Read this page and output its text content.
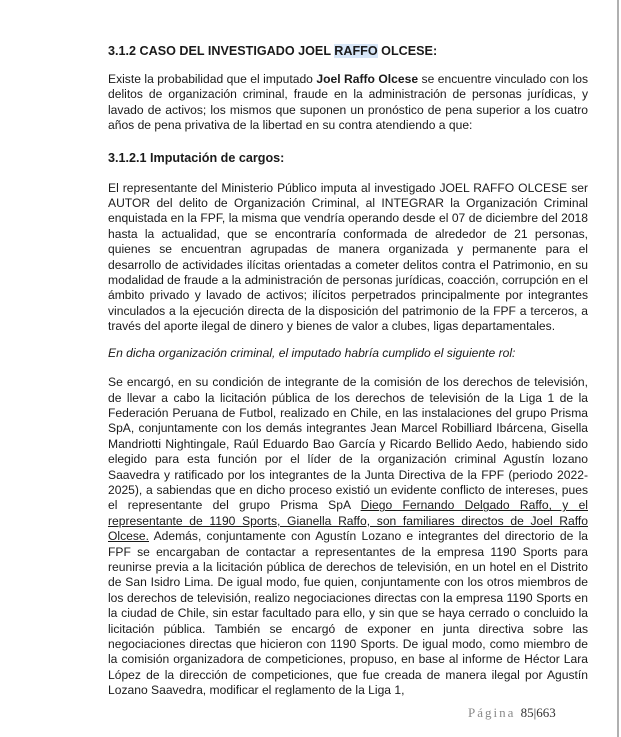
3.1.2 CASO DEL INVESTIGADO JOEL RAFFO OLCESE:

Existe la probabilidad que el imputado Joel Raffo Olcese se encuentre vinculado con los delitos de organización criminal, fraude en la administración de personas jurídicas, y lavado de activos; los mismos que suponen un pronóstico de pena superior a los cuatro años de pena privativa de la libertad en su contra atendiendo a que:

3.1.2.1 Imputación de cargos:

El representante del Ministerio Público imputa al investigado JOEL RAFFO OLCESE ser AUTOR del delito de Organización Criminal, al INTEGRAR la Organización Criminal enquistada en la FPF, la misma que vendría operando desde el 07 de diciembre del 2018 hasta la actualidad, que se encontraría conformada de alrededor de 21 personas, quienes se encuentran agrupadas de manera organizada y permanente para el desarrollo de actividades ilícitas orientadas a cometer delitos contra el Patrimonio, en su modalidad de fraude a la administración de personas jurídicas, coacción, corrupción en el ámbito privado y lavado de activos; ilícitos perpetrados principalmente por integrantes vinculados a la ejecución directa de la disposición del patrimonio de la FPF a terceros, a través del aporte ilegal de dinero y bienes de valor a clubes, ligas departamentales.

En dicha organización criminal, el imputado habría cumplido el siguiente rol:

Se encargó, en su condición de integrante de la comisión de los derechos de televisión, de llevar a cabo la licitación pública de los derechos de televisión de la Liga 1 de la Federación Peruana de Futbol, realizado en Chile, en las instalaciones del grupo Prisma SpA, conjuntamente con los demás integrantes Jean Marcel Robilliard Ibárcena, Gisella Mandriotti Nightingale, Raúl Eduardo Bao García y Ricardo Bellido Aedo, habiendo sido elegido para esta función por el líder de la organización criminal Agustín lozano Saavedra y ratificado por los integrantes de la Junta Directiva de la FPF (periodo 2022-2025), a sabiendas que en dicho proceso existió un evidente conflicto de intereses, pues el representante del grupo Prisma SpA Diego Fernando Delgado Raffo, y el representante de 1190 Sports, Gianella Raffo, son familiares directos de Joel Raffo Olcese. Además, conjuntamente con Agustín Lozano e integrantes del directorio de la FPF se encargaban de contactar a representantes de la empresa 1190 Sports para reunirse previa a la licitación pública de derechos de televisión, en un hotel en el Distrito de San Isidro Lima. De igual modo, fue quien, conjuntamente con los otros miembros de los derechos de televisión, realizo negociaciones directas con la empresa 1190 Sports en la ciudad de Chile, sin estar facultado para ello, y sin que se haya cerrado o concluido la licitación pública. También se encargó de exponer en junta directiva sobre las negociaciones directas que hicieron con 1190 Sports. De igual modo, como miembro de la comisión organizadora de competiciones, propuso, en base al informe de Héctor Lara López de la dirección de competiciones, que fue creada de manera ilegal por Agustín Lozano Saavedra, modificar el reglamento de la Liga 1,

Página 85|663
